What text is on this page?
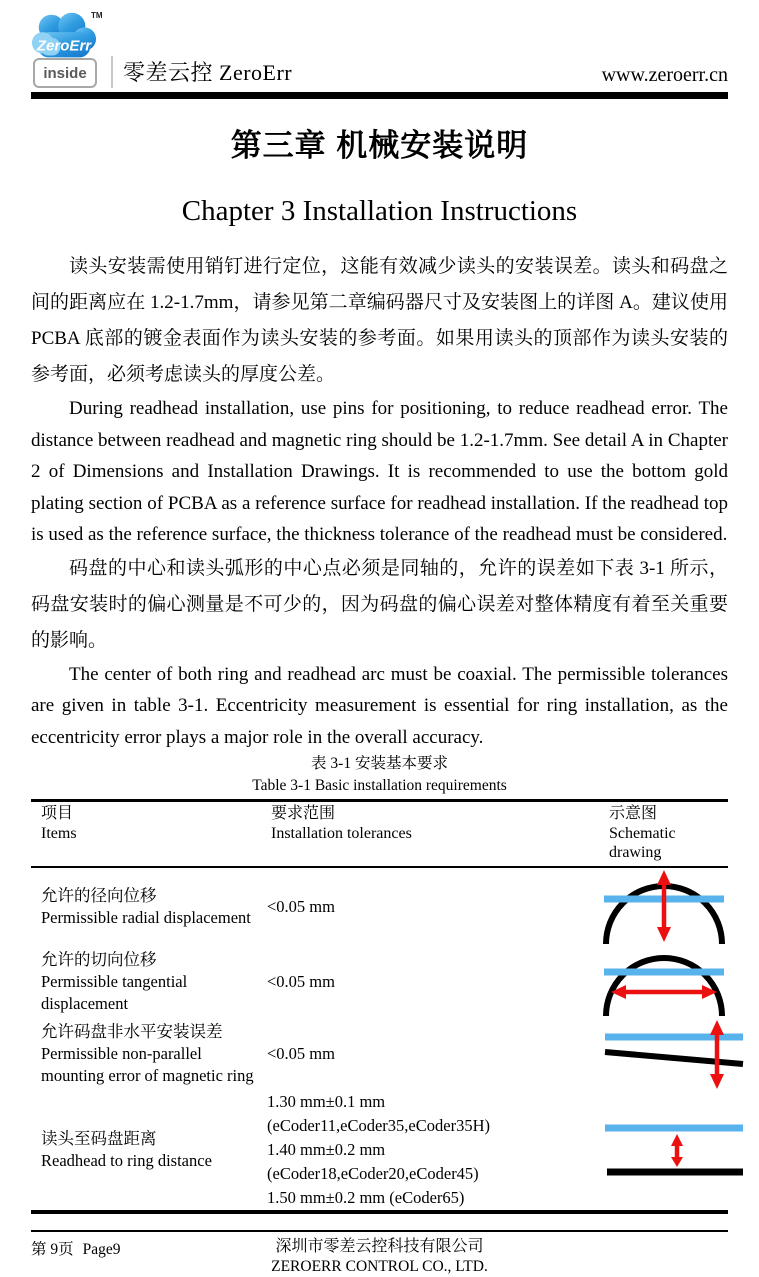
ZeroErr
TM
inside 零差云控 ZeroErr	www.zeroerr.cn
第三章 机械安装说明
Chapter 3 Installation Instructions

读头安装需使用销钉进行定位，这能有效减少读头的安装误差。读头和码盘之间的距离应在 1.2-1.7mm，请参见第二章编码器尺寸及安装图上的详图 A。建议使用 PCBA 底部的镀金表面作为读头安装的参考面。如果用读头的顶部作为读头安装的参考面，必须考虑读头的厚度公差。

During readhead installation, use pins for positioning, to reduce readhead error. The distance between readhead and magnetic ring should be 1.2-1.7mm. See detail A in Chapter 2 of Dimensions and Installation Drawings. It is recommended to use the bottom gold plating section of PCBA as a reference surface for readhead installation. If the readhead top is used as the reference surface, the thickness tolerance of the readhead must be considered.

码盘的中心和读头弧形的中心点必须是同轴的，允许的误差如下表 3-1 所示，码盘安装时的偏心测量是不可少的，因为码盘的偏心误差对整体精度有着至关重要的影响。

The center of both ring and readhead arc must be coaxial. The permissible tolerances are given in table 3-1. Eccentricity measurement is essential for ring installation, as the eccentricity error plays a major role in the overall accuracy.

表 3-1 安装基本要求
Table 3-1 Basic installation requirements
项目
Items
要求范围
Installation tolerances
示意图
Schematic drawing
允许的径向位移
Permissible radial displacement
<0.05 mm
允许的切向位移
Permissible tangential displacement
<0.05 mm
允许码盘非水平安装误差
Permissible non-parallel mounting error of magnetic ring
<0.05 mm
读头至码盘距离
Readhead to ring distance
1.30 mm±0.1 mm (eCoder11,eCoder35,eCoder35H)
1.40 mm±0.2 mm (eCoder18,eCoder20,eCoder45)
1.50 mm±0.2 mm (eCoder65)
第 9页 Page9	深圳市零差云控科技有限公司
ZEROERR CONTROL CO., LTD.
